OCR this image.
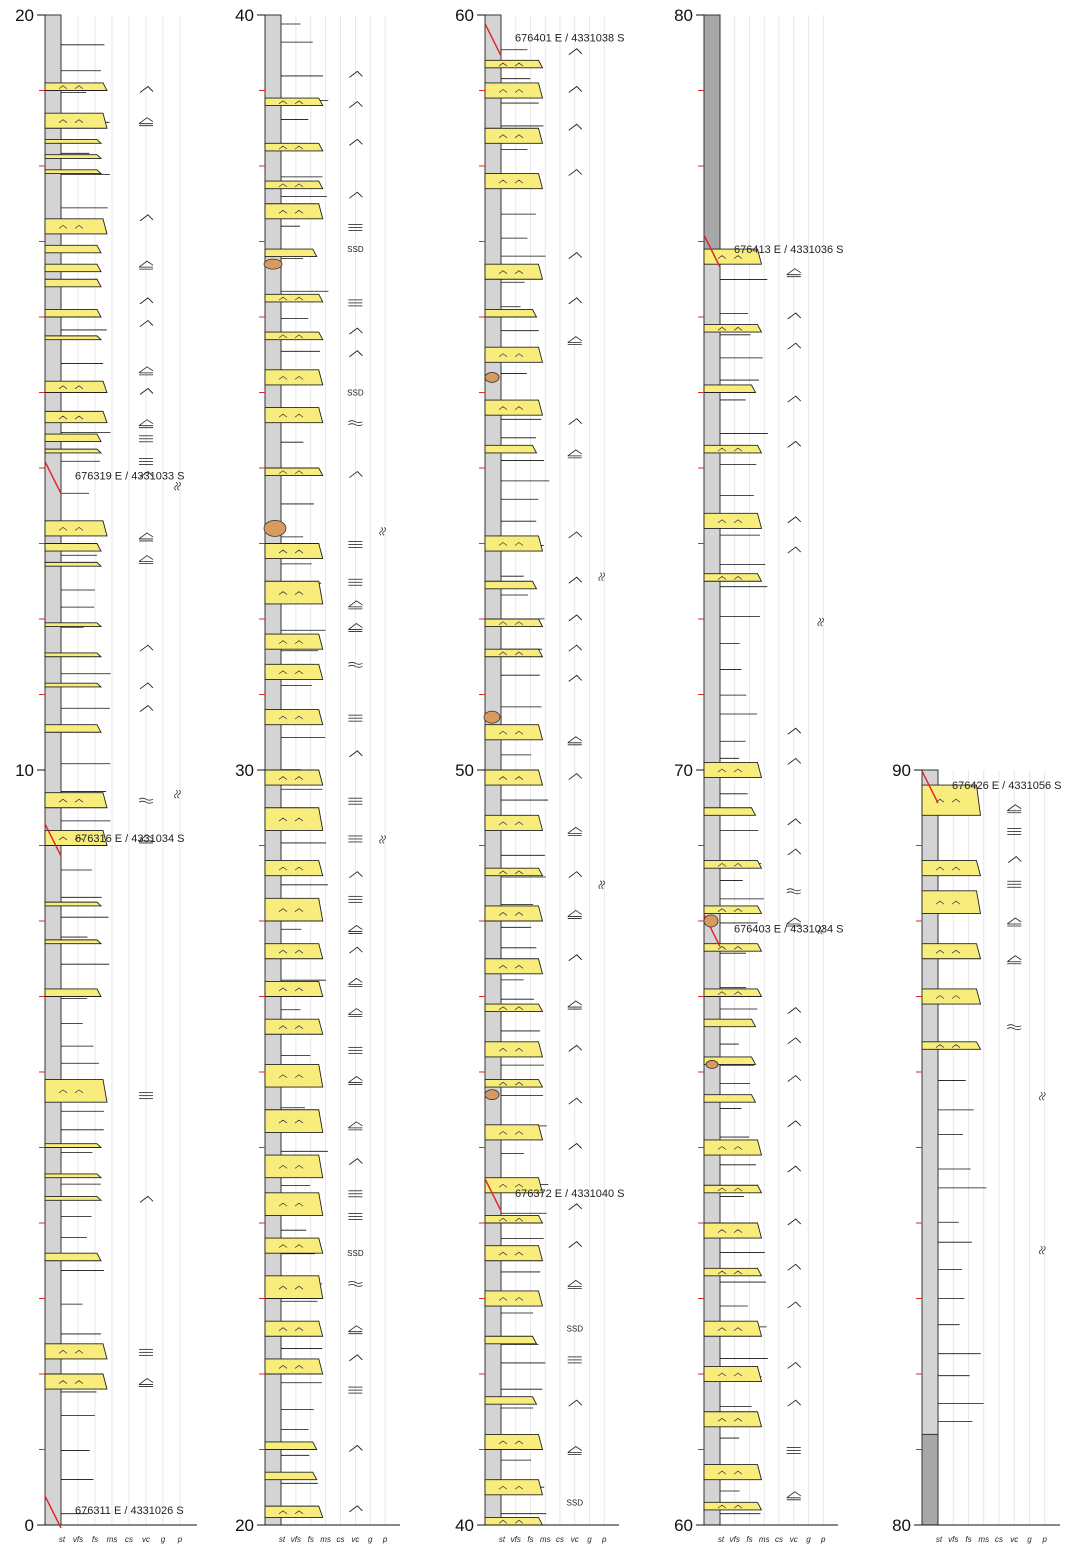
20
0
10
st vfs fs ms cs vc g p
676319 E / 4331033 S
676316 E / 4331034 S
676311 E / 4331026 S
40
20
30
st vfs fs ms cs vc g p
SSD
SSD
SSD
60
40
50
st vfs fs ms cs vc g p
SSD
SSD
676401 E / 4331038 S
676372 E / 4331040 S
80
60
70
st vfs fs ms cs vc g p
676413 E / 4331036 S
676403 E / 4331034 S
90
80
st vfs fs ms cs vc g p
676426 E / 4331056 S
